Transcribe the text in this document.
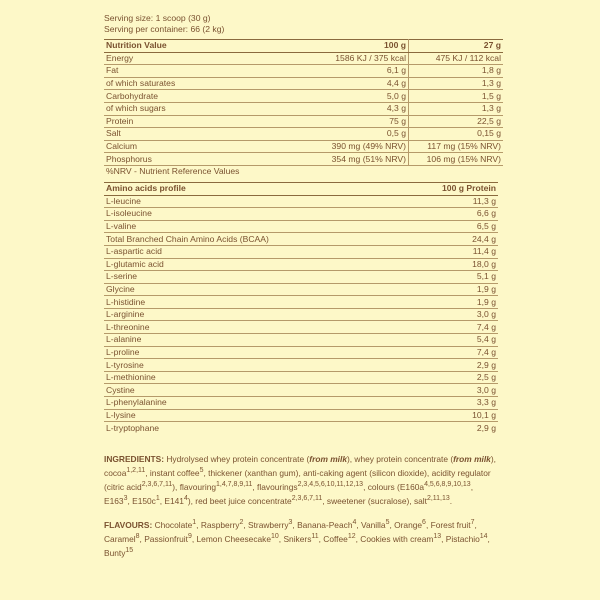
Serving size: 1 scoop (30 g)
Serving per container: 66 (2 kg)
Nutrition Value	100 g	27 g
Energy	1586 KJ / 375 kcal	475 KJ / 112 kcal
Fat	6,1 g	1,8 g
of which saturates	4,4 g	1,3 g
Carbohydrate	5,0 g	1,5 g
of which sugars	4,3 g	1,3 g
Protein	75 g	22,5 g
Salt	0,5 g	0,15 g
Calcium	390 mg (49% NRV)	117 mg (15% NRV)
Phosphorus	354 mg (51% NRV)	106 mg (15% NRV)
%NRV - Nutrient Reference Values		
Amino acids profile	100 g Protein
L-leucine	11,3 g
L-isoleucine	6,6 g
L-valine	6,5 g
Total Branched Chain Amino Acids (BCAA)	24,4 g
L-aspartic acid	11,4 g
L-glutamic acid	18,0 g
L-serine	5,1 g
Glycine	1,9 g
L-histidine	1,9 g
L-arginine	3,0 g
L-threonine	7,4 g
L-alanine	5,4 g
L-proline	7,4 g
L-tyrosine	2,9 g
L-methionine	2,5 g
Cystine	3,0 g
L-phenylalanine	3,3 g
L-lysine	10,1 g
L-tryptophane	2,9 g
INGREDIENTS: Hydrolysed whey protein concentrate (from milk), whey protein concentrate (from milk), cocoa$^{1,2,11}$, instant coffee$^5$, thickener (xanthan gum), anti-caking agent (silicon dioxide), acidity regulator (citric acid$^{2,3,6,7,11}$), flavouring$^{1,4,7,8,9,11}$, flavourings$^{2,3,4,5,6,10,11,12,13}$, colours ($E160a^{4,5,6,8,9,10,13}$, $E163^3$, $E150c^1$, $E141^4$), red beet juice concentrate$^{2,3,6,7,11}$, sweetener (sucralose), salt$^{2,11,13}$.
FLAVOURS: Chocolate$^1$, Raspberry$^2$, Strawberry$^3$, Banana-Peach$^4$, Vanilla$^5$, Orange$^6$, Forest fruit$^7$, Caramel$^8$, Passionfruit$^9$, Lemon Cheesecake$^{10}$, Snikers$^{11}$, Coffee$^{12}$, Cookies with cream$^{13}$, Pistachio$^{14}$, Bunty$^{15}$
